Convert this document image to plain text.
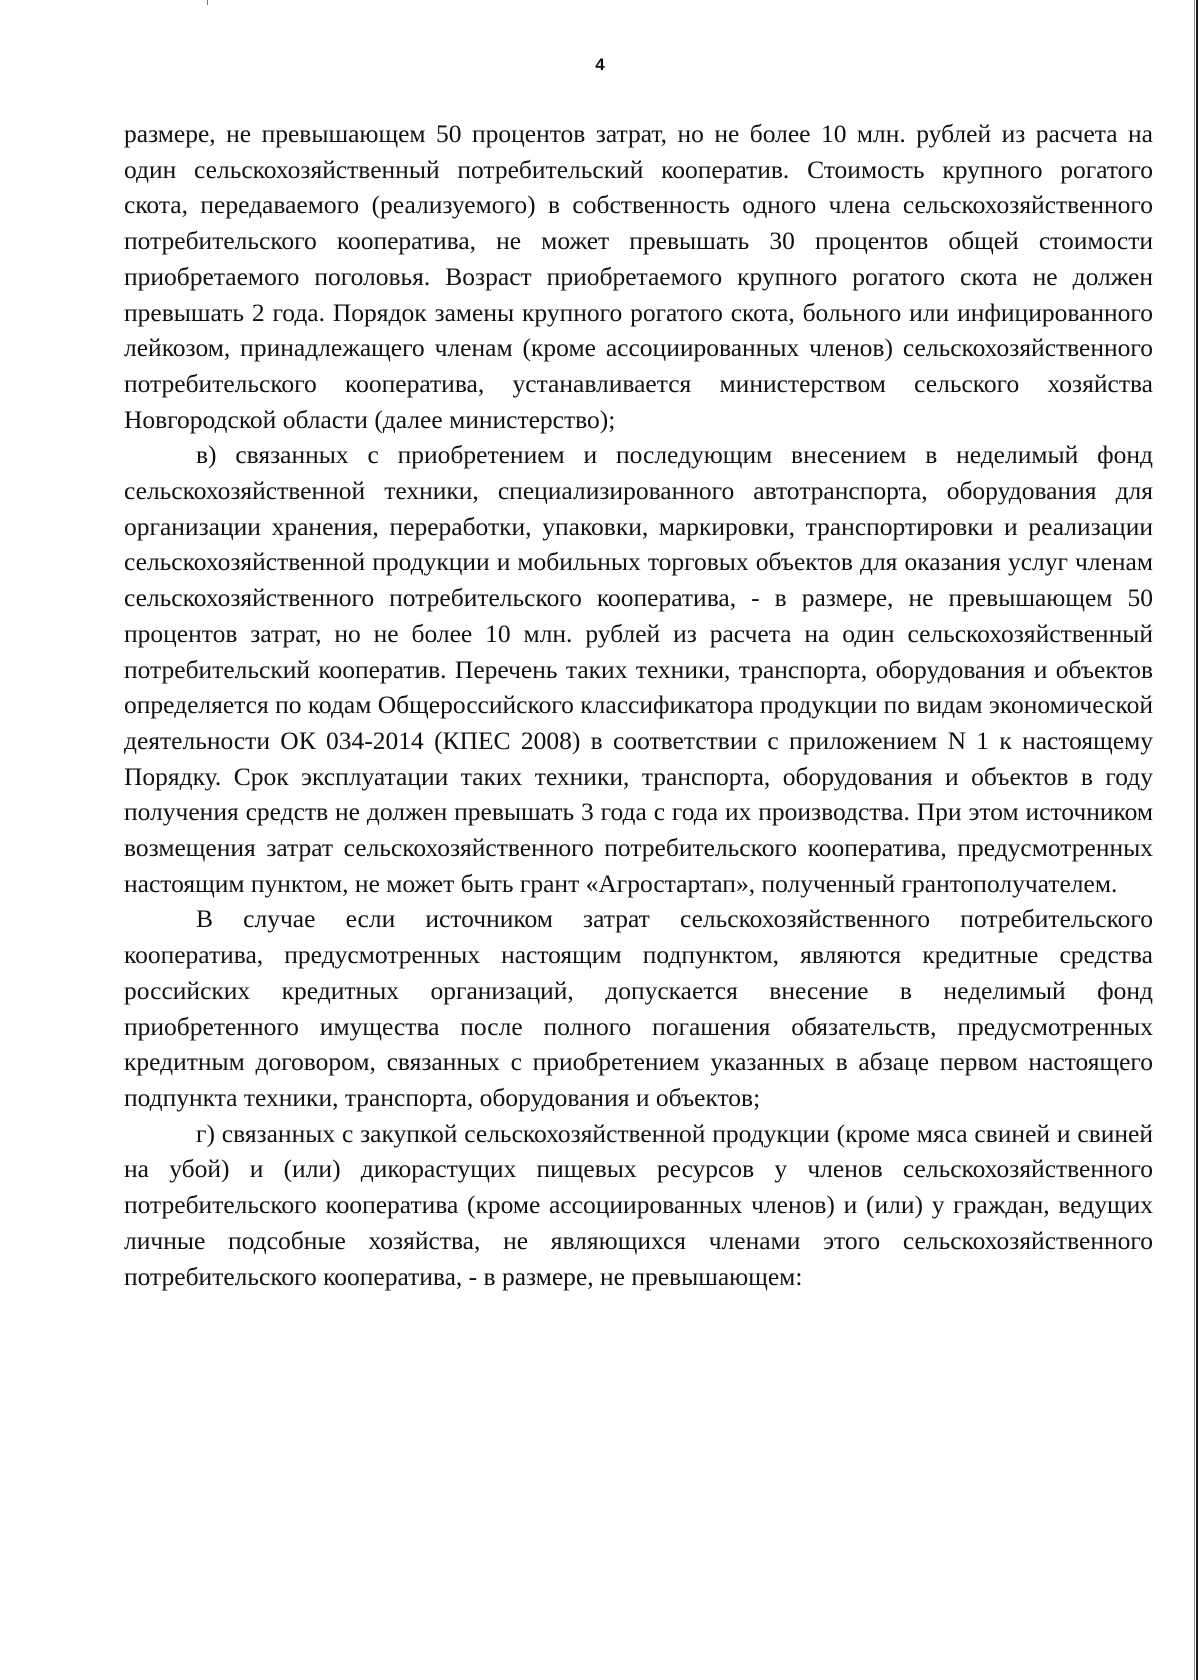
4

размере, не превышающем 50 процентов затрат, но не более 10 млн. рублей из расчета на один сельскохозяйственный потребительский кооператив. Стоимость крупного рогатого скота, передаваемого (реализуемого) в собственность одного члена сельскохозяйственного потребительского кооператива, не может превышать 30 процентов общей стоимости приобретаемого поголовья. Возраст приобретаемого крупного рогатого скота не должен превышать 2 года. Порядок замены крупного рогатого скота, больного или инфицированного лейкозом, принадлежащего членам (кроме ассоциированных членов) сельскохозяйственного потребительского кооператива, устанавливается министерством сельского хозяйства Новгородской области (далее министерство);

в) связанных с приобретением и последующим внесением в неделимый фонд сельскохозяйственной техники, специализированного автотранспорта, оборудования для организации хранения, переработки, упаковки, маркировки, транспортировки и реализации сельскохозяйственной продукции и мобильных торговых объектов для оказания услуг членам сельскохозяйственного потребительского кооператива, - в размере, не превышающем 50 процентов затрат, но не более 10 млн. рублей из расчета на один сельскохозяйственный потребительский кооператив. Перечень таких техники, транспорта, оборудования и объектов определяется по кодам Общероссийского классификатора продукции по видам экономической деятельности ОК 034-2014 (КПЕС 2008) в соответствии с приложением N 1 к настоящему Порядку. Срок эксплуатации таких техники, транспорта, оборудования и объектов в году получения средств не должен превышать 3 года с года их производства. При этом источником возмещения затрат сельскохозяйственного потребительского кооператива, предусмотренных настоящим пунктом, не может быть грант «Агростартап», полученный грантополучателем.

В случае если источником затрат сельскохозяйственного потребительского кооператива, предусмотренных настоящим подпунктом, являются кредитные средства российских кредитных организаций, допускается внесение в неделимый фонд приобретенного имущества после полного погашения обязательств, предусмотренных кредитным договором, связанных с приобретением указанных в абзаце первом настоящего подпункта техники, транспорта, оборудования и объектов;

г) связанных с закупкой сельскохозяйственной продукции (кроме мяса свиней и свиней на убой) и (или) дикорастущих пищевых ресурсов у членов сельскохозяйственного потребительского кооператива (кроме ассоциированных членов) и (или) у граждан, ведущих личные подсобные хозяйства, не являющихся членами этого сельскохозяйственного потребительского кооператива, - в размере, не превышающем:
